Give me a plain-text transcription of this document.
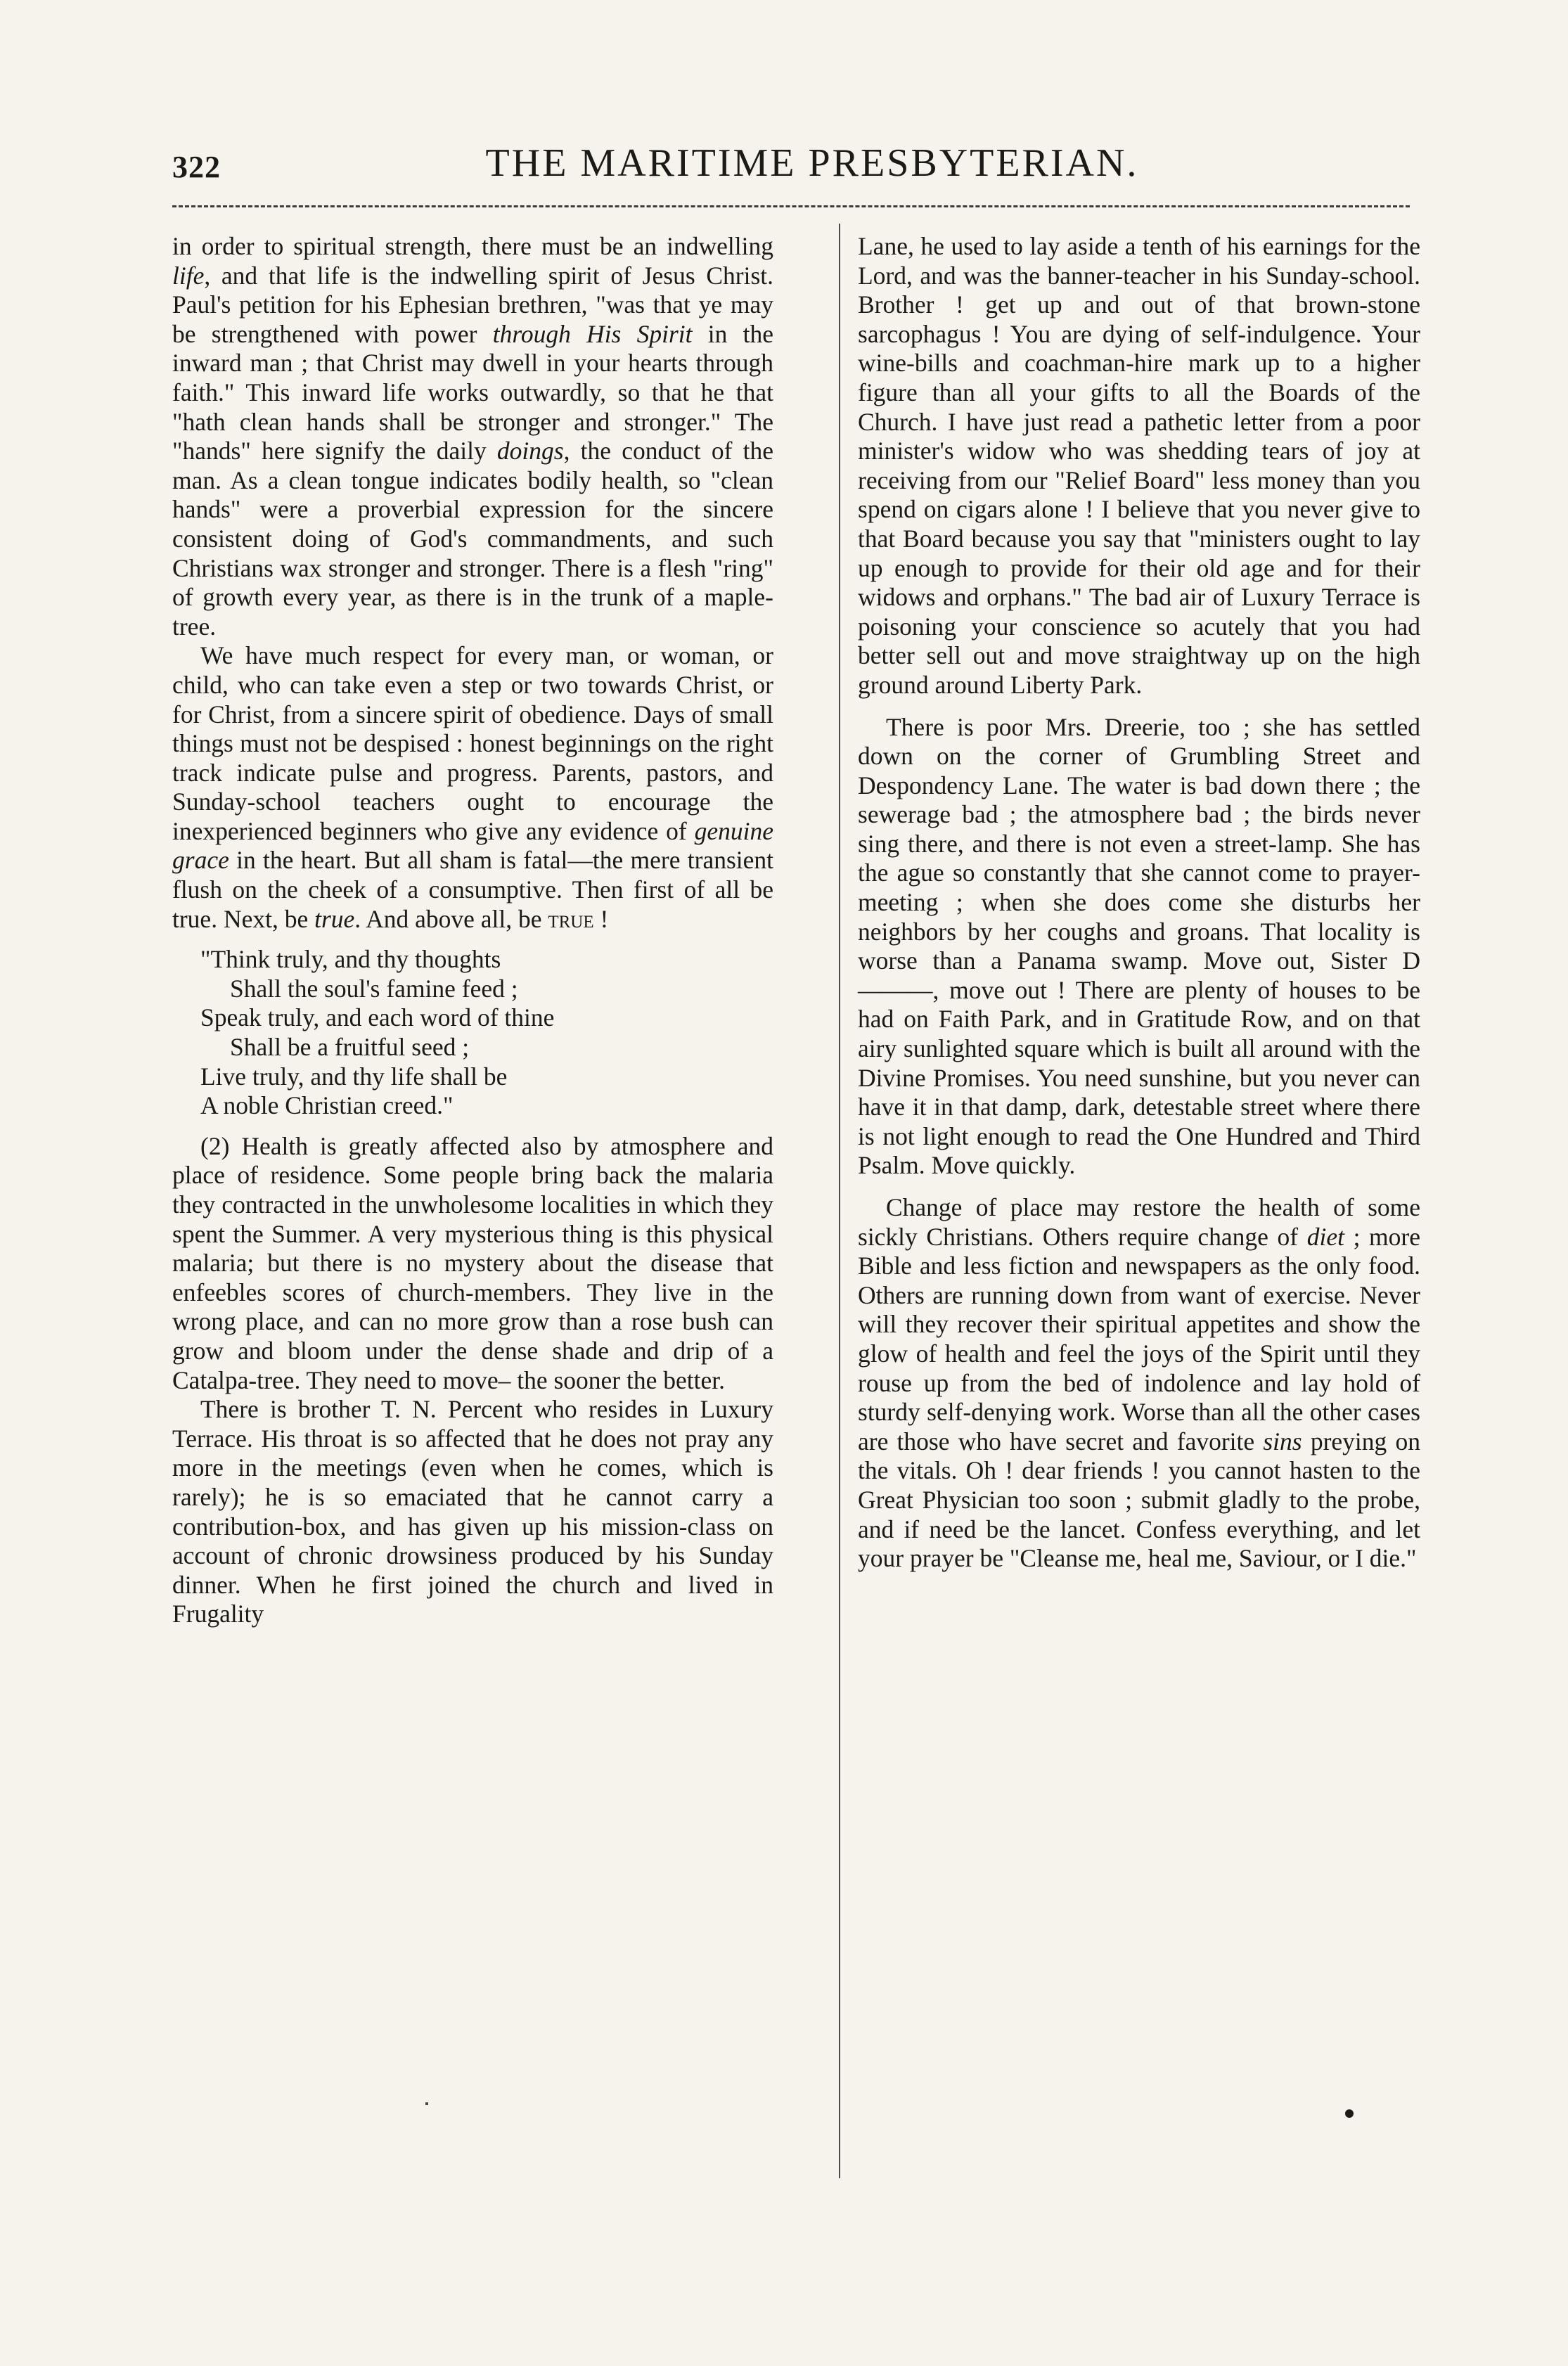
322	THE MARITIME PRESBYTERIAN.

in order to spiritual strength, there must be an indwelling life, and that life is the indwelling spirit of Jesus Christ. Paul's petition for his Ephesian brethren, "was that ye may be strengthened with power through His Spirit in the inward man ; that Christ may dwell in your hearts through faith." This inward life works outwardly, so that he that "hath clean hands shall be stronger and stronger." The "hands" here signify the daily doings, the conduct of the man. As a clean tongue indicates bodily health, so "clean hands" were a proverbial expression for the sincere consistent doing of God's commandments, and such Christians wax stronger and stronger. There is a flesh "ring" of growth every year, as there is in the trunk of a maple-tree.

We have much respect for every man, or woman, or child, who can take even a step or two towards Christ, or for Christ, from a sincere spirit of obedience. Days of small things must not be despised : honest beginnings on the right track indicate pulse and progress. Parents, pastors, and Sunday-school teachers ought to encourage the inexperienced beginners who give any evidence of genuine grace in the heart. But all sham is fatal—the mere transient flush on the cheek of a consumptive. Then first of all be true. Next, be true. And above all, be true !

"Think truly, and thy thoughts
Shall the soul's famine feed ;
Speak truly, and each word of thine
Shall be a fruitful seed ;
Live truly, and thy life shall be
A noble Christian creed."

(2) Health is greatly affected also by atmosphere and place of residence. Some people bring back the malaria they contracted in the unwholesome localities in which they spent the Summer. A very mysterious thing is this physical malaria; but there is no mystery about the disease that enfeebles scores of church-members. They live in the wrong place, and can no more grow than a rose bush can grow and bloom under the dense shade and drip of a Catalpa-tree. They need to move– the sooner the better.

There is brother T. N. Percent who resides in Luxury Terrace. His throat is so affected that he does not pray any more in the meetings (even when he comes, which is rarely); he is so emaciated that he cannot carry a contribution-box, and has given up his mission-class on account of chronic drowsiness produced by his Sunday dinner. When he first joined the church and lived in Frugality

Lane, he used to lay aside a tenth of his earnings for the Lord, and was the banner-teacher in his Sunday-school. Brother ! get up and out of that brown-stone sarcophagus ! You are dying of self-indulgence. Your wine-bills and coachman-hire mark up to a higher figure than all your gifts to all the Boards of the Church. I have just read a pathetic letter from a poor minister's widow who was shedding tears of joy at receiving from our "Relief Board" less money than you spend on cigars alone ! I believe that you never give to that Board because you say that "ministers ought to lay up enough to provide for their old age and for their widows and orphans." The bad air of Luxury Terrace is poisoning your conscience so acutely that you had better sell out and move straightway up on the high ground around Liberty Park.

There is poor Mrs. Dreerie, too ; she has settled down on the corner of Grumbling Street and Despondency Lane. The water is bad down there ; the sewerage bad ; the atmosphere bad ; the birds never sing there, and there is not even a street-lamp. She has the ague so constantly that she cannot come to prayer-meeting ; when she does come she disturbs her neighbors by her coughs and groans. That locality is worse than a Panama swamp. Move out, Sister D ———, move out ! There are plenty of houses to be had on Faith Park, and in Gratitude Row, and on that airy sunlighted square which is built all around with the Divine Promises. You need sunshine, but you never can have it in that damp, dark, detestable street where there is not light enough to read the One Hundred and Third Psalm. Move quickly.

Change of place may restore the health of some sickly Christians. Others require change of diet ; more Bible and less fiction and newspapers as the only food. Others are running down from want of exercise. Never will they recover their spiritual appetites and show the glow of health and feel the joys of the Spirit until they rouse up from the bed of indolence and lay hold of sturdy self-denying work. Worse than all the other cases are those who have secret and favorite sins preying on the vitals. Oh ! dear friends ! you cannot hasten to the Great Physician too soon ; submit gladly to the probe, and if need be the lancet. Confess everything, and let your prayer be "Cleanse me, heal me, Saviour, or I die."
